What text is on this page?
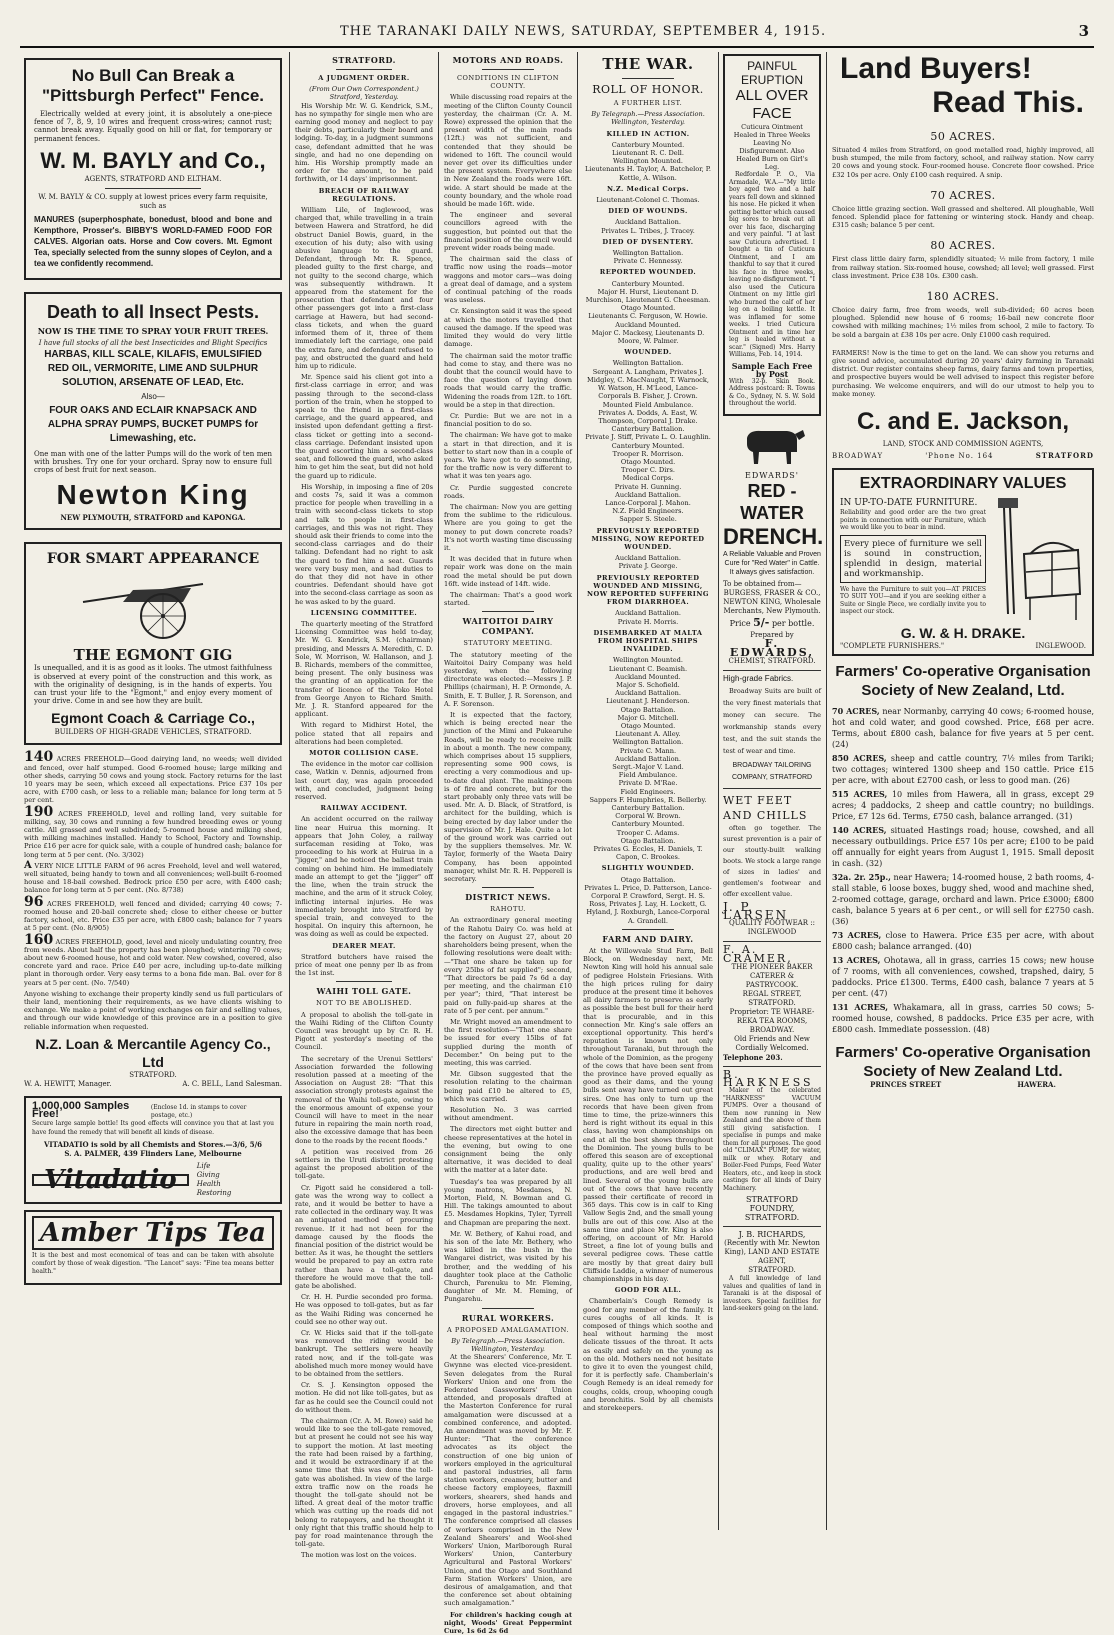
THE TARANAKI DAILY NEWS, SATURDAY, SEPTEMBER 4, 1915.	3
No Bull Can Break a
"Pittsburgh Perfect" Fence.

Electrically welded at every joint, it is absolutely a one-piece fence of 7, 8, 9, 10 wires and frequent cross-wires; cannot rust; cannot break away. Equally good on hill or flat, for temporary or permanent fences.

W. M. BAYLY and Co.,
AGENTS, STRATFORD AND ELTHAM.
W. M. BAYLY & CO. supply at lowest prices every farm requisite, such as

MANURES (superphosphate, bonedust, blood and bone and Kempthore, Prosser's. BIBBY'S WORLD-FAMED FOOD FOR CALVES. Algorian oats. Horse and Cow covers. Mt. Egmont Tea, specially selected from the sunny slopes of Ceylon, and a tea we confidently recommend.

Death to all Insect Pests.
NOW IS THE TIME TO SPRAY YOUR FRUIT TREES.
I have full stocks of all the best Insecticides and Blight Specifics
HARBAS, KILL SCALE, KILAFIS, EMULSIFIED
RED OIL, VERMORITE, LIME AND SULPHUR
SOLUTION, ARSENATE OF LEAD, Etc.
Also—
FOUR OAKS AND ECLAIR KNAPSACK AND
ALPHA SPRAY PUMPS, BUCKET PUMPS for
Limewashing, etc.

One man with one of the latter Pumps will do the work of ten men with brushes. Try one for your orchard. Spray now to ensure full crops of best fruit for next season.

Newton King
NEW PLYMOUTH, STRATFORD and KAPONGA.
FOR SMART APPEARANCE
THE EGMONT GIG

Is unequalled, and it is as good as it looks. The utmost faithfulness is observed at every point of the construction and this work, as with the originality of designing, is in the hands of experts. You can trust your life to the "Egmont," and enjoy every moment of your drive. Come in and see how they are built.

Egmont Coach & Carriage Co.,
BUILDERS OF HIGH-GRADE VEHICLES, STRATFORD.

140 ACRES FREEHOLD—Good dairying land, no weeds; well divided and fenced, over half stumped. Good 6-roomed house; large milking and other sheds, carrying 50 cows and young stock. Factory returns for the last 10 years may be seen, which exceed all expectations. Price £37 10s per acre, with £700 cash, or less to a reliable man; balance for long term at 5 per cent.

190 ACRES FREEHOLD, level and rolling land, very suitable for milking, say, 30 cows and running a few hundred breeding ewes or young cattle. All grassed and well subdivided; 5-roomed house and milking shed, with milking machines installed. Handy to School, Factory and Township. Price £16 per acre for quick sale, with a couple of hundred cash; balance for long term at 5 per cent. (No. 3/302)

A VERY NICE LITTLE FARM of 96 acres Freehold, level and well watered, well situated, being handy to town and all conveniences; well-built 6-roomed house and 18-bail cowshed. Bedrock price £50 per acre, with £400 cash; balance for long term at 5 per cent. (No. 8/738)

96 ACRES FREEHOLD, well fenced and divided; carrying 40 cows; 7-roomed house and 20-bail concrete shed; close to either cheese or butter factory, school, etc. Price £35 per acre, with £800 cash; balance for 7 years at 5 per cent. (No. 8/905)

160 ACRES FREEHOLD, good, level and nicely undulating country, free from weeds. About half the property has been ploughed; wintering 70 cows; about new 6-roomed house, hot and cold water. New cowshed, covered, also concrete yard and race. Price £40 per acre, including up-to-date milking plant in thorough order. Very easy terms to a bona fide man. Bal. over for 8 years at 5 per cent. (No. 7/540)

Anyone wishing to exchange their property kindly send us full particulars of their land, mentioning their requirements, as we have clients wishing to exchange. We make a point of working exchanges on fair and selling values, and through our wide knowledge of this province are in a position to give reliable information when requested.

N.Z. Loan & Mercantile Agency Co., Ltd
STRATFORD.
W. A. HEWITT, Manager.	A. C. BELL, Land Salesman.
1,000,000 Samples Free!
(Enclose 1d. in stamps to cover postage, etc.)

Secure large sample bottle! Its good effects will convince you that at last you have found the remedy that will benefit all kinds of disease.

VITADATIO is sold by all Chemists and Stores.—3/6, 5/6
S. A. PALMER, 439 Flinders Lane, Melbourne
Vitadatio	Life
Giving
Health
Restoring
Amber Tips Tea

It is the best and most economical of teas and can be taken with absolute comfort by those of weak digestion. "The Lancet" says: "Fine tea means better health."

STRATFORD.
A JUDGMENT ORDER.
(From Our Own Correspondent.) Stratford, Yesterday.

His Worship Mr. W. G. Kendrick, S.M., has no sympathy for single men who are earning good money and neglect to pay their debts, particularly their board and lodging. To-day, in a judgment summons case, defendant admitted that he was single, and had no one depending on him. His Worship promptly made an order for the amount, to be paid forthwith, or 14 days' imprisonment.

BREACH OF RAILWAY REGULATIONS.

William Lile, of Inglewood, was charged that, while travelling in a train between Hawera and Stratford, he did obstruct Daniel Bowis, guard, in the execution of his duty; also with using abusive language to the guard. Defendant, through Mr. R. Spence, pleaded guilty to the first charge, and not guilty to the second charge, which was subsequently withdrawn. It appeared from the statement for the prosecution that defendant and four other passengers got into a first-class carriage at Hawera, but had second-class tickets, and when the guard informed them of it, three of them immediately left the carriage, one paid the extra fare, and defendant refused to pay, and obstructed the guard and held him up to ridicule.

Mr. Spence said his client got into a first-class carriage in error, and was passing through to the second-class portion of the train, when he stopped to speak to the friend in a first-class carriage, and the guard appeared, and insisted upon defendant getting a first-class ticket or getting into a second-class carriage. Defendant insisted upon the guard escorting him a second-class seat, and followed the guard, who asked him to get him the seat, but did not hold the guard up to ridicule.

His Worship, in imposing a fine of 20s and costs 7s, said it was a common practice for people when travelling in a train with second-class tickets to stop and talk to people in first-class carriages, and this was not right. They should ask their friends to come into the second-class carriages and do their talking. Defendant had no right to ask the guard to find him a seat. Guards were very busy men, and had duties to do that they did not have in other countries. Defendant should have got into the second-class carriage as soon as he was asked to by the guard.

LICENSING COMMITTEE.

The quarterly meeting of the Stratford Licensing Committee was held to-day, Mr. W. G. Kendrick, S.M. (chairman) presiding, and Messrs A. Meredith, C. D. Sole, W. Morrison, W. Hallanson, and J. B. Richards, members of the committee, being present. The only business was the granting of an application for the transfer of licence of the Toko Hotel from George Anyon to Richard Smith. Mr. J. R. Stanford appeared for the applicant.

With regard to Midhirst Hotel, the police stated that all repairs and alterations had been completed.

MOTOR COLLISION CASE.

The evidence in the motor car collision case, Watkin v. Dennis, adjourned from last court day, was again proceeded with, and concluded, judgment being reserved.

RAILWAY ACCIDENT.

An accident occurred on the railway line near Huirua this morning. It appears that John Coley, a railway surfaceman residing at Toko, was proceeding to his work at Huirua in a "jigger," and he noticed the ballast train coming on behind him. He immediately made an attempt to get the "jigger" off the line, when the train struck the machine, and the arm of it struck Coley, inflicting internal injuries. He was immediately brought into Stratford by special train, and conveyed to the hospital. On inquiry this afternoon, he was doing as well as could be expected.

DEARER MEAT.

Stratford butchers have raised the price of meat one penny per lb as from the 1st inst.

WAIHI TOLL GATE.
NOT TO BE ABOLISHED.

A proposal to abolish the toll-gate in the Waihi Riding of the Clifton County Council was brought up by Cr. R. H. Pigott at yesterday's meeting of the Council.

The secretary of the Urenui Settlers' Association forwarded the following resolution passed at a meeting of the Association on August 28: "That this association strongly protests against the removal of the Waihi toll-gate, owing to the enormous amount of expense your Council will have to meet in the near future in repairing the main north road, also the excessive damage that has been done to the roads by the recent floods."

A petition was received from 26 settlers in the Uruti district protesting against the proposed abolition of the toll-gate.

Cr. Pigott said he considered a toll-gate was the wrong way to collect a rate, and it would be better to have a rate collected in the ordinary way. It was an antiquated method of procuring revenue. If it had not been for the damage caused by the floods the financial position of the district would be better. As it was, he thought the settlers would be prepared to pay an extra rate rather than have a toll-gate, and therefore he would move that the toll-gate be abolished.

Cr. H. H. Purdie seconded pro forma. He was opposed to toll-gates, but as far as the Waihi Riding was concerned he could see no other way out.

Cr. W. Hicks said that if the toll-gate was removed the riding would be bankrupt. The settlers were heavily rated now, and if the toll-gate was abolished much more money would have to be obtained from the settlers.

Cr. S. J. Kensington opposed the motion. He did not like toll-gates, but as far as he could see the Council could not do without them.

The chairman (Cr. A. M. Rowe) said he would like to see the toll-gate removed, but at present he could not see his way to support the motion. At last meeting the rate had been raised by a farthing, and it would be extraordinary if at the same time that this was done the toll-gate was abolished. In view of the large extra traffic now on the roads he thought the toll-gate should not be lifted. A great deal of the motor traffic which was cutting up the roads did not belong to ratepayers, and he thought it only right that this traffic should help to pay for road maintenance through the toll-gate.

The motion was lost on the voices.

MOTORS AND ROADS.
CONDITIONS IN CLIFTON COUNTY.

While discussing road repairs at the meeting of the Clifton County Council yesterday, the chairman (Cr. A. M. Rowe) expressed the opinion that the present width of the main roads (12ft.) was not sufficient, and contended that they should be widened to 16ft. The council would never get over its difficulties under the present system. Everywhere else in New Zealand the roads were 16ft. wide. A start should be made at the county boundary, and the whole road should be made 16ft. wide.

The engineer and several councillors agreed with the suggestion, but pointed out that the financial position of the council would prevent wider roads being made.

The chairman said the class of traffic now using the roads—motor waggons and motor cars—was doing a great deal of damage, and a system of continual patching of the roads was useless.

Cr. Kensington said it was the speed at which the motors travelled that caused the damage. If the speed was limited they would do very little damage.

The chairman said the motor traffic had come to stay, and there was no doubt that the council would have to face the question of laying down roads that would carry the traffic. Widening the roads from 12ft. to 16ft. would be a step in that direction.

Cr. Purdie: But we are not in a financial position to do so.

The chairman: We have got to make a start in that direction, and it is better to start now than in a couple of years. We have got to do something, for the traffic now is very different to what it was ten years ago.

Cr. Purdie suggested concrete roads.

The chairman: Now you are getting from the sublime to the ridiculous. Where are you going to get the money to put down concrete roads? It's not worth wasting time discussing it.

It was decided that in future when repair work was done on the main road the metal should be put down 16ft. wide instead of 14ft. wide.

The chairman: That's a good work started.

WAITOITOI DAIRY COMPANY.
STATUTORY MEETING.

The statutory meeting of the Waitoitoi Dairy Company was held yesterday, when the following directorate was elected:—Messrs J. P. Phillips (chairman), H. P. Ormonde, A. Smith, E. T. Buller, J. R. Sorenson, and A. F. Sorenson.

It is expected that the factory, which is being erected near the junction of the Mimi and Pukearuhe Roads, will be ready to receive milk in about a month. The new company, which comprises about 15 suppliers, representing some 900 cows, is erecting a very commodious and up-to-date dual plant. The making-room is of fire and concrete, but for the start probably only three vats will be used. Mr. A. D. Black, of Stratford, is architect for the building, which is being erected by day labor under the supervision of Mr. J. Hale. Quite a lot of the ground work was carried out by the suppliers themselves. Mr. W. Taylor, formerly of the Waeta Dairy Company, has been appointed manager, whilst Mr. R. H. Pepperell is secretary.

DISTRICT NEWS.
RAHOTU.

An extraordinary general meeting of the Rahotu Dairy Co. was held at the factory on August 27, about 20 shareholders being present, when the following resolutions were dealt with:—"That one share be taken up for every 25lbs of fat supplied"; second, "That directors be paid 7s 6d a day per meeting, and the chairman £10 per year"; third, "That interest be paid on fully-paid-up shares at the rate of 5 per cent. per annum."

Mr. Wright moved an amendment to the first resolution—"That one share be issued for every 15lbs of fat supplied during the month of December." On being put to the meeting, this was carried.

Mr. Gibson suggested that the resolution relating to the chairman being paid £10 be altered to £5, which was carried.

Resolution No. 3 was carried without amendment.

The directors met eight butter and cheese representatives at the hotel in the evening, but owing to one consignment being the only alternative, it was decided to deal with the matter at a later date.

Tuesday's tea was prepared by all young matrons, Mesdames, N. Morton, Field, N. Bowman and G. Hill. The takings amounted to about £5. Mesdames Hopkins, Tyler, Tyrrell and Chapman are preparing the next.

Mr. W. Bethery, of Kahui road, and his son of the late Mr. Bethery, who was killed in the bush in the Wangarei district, was visited by his brother, and the wedding of his daughter took place at the Catholic Church, Parenuku to Mr. Fleming, daughter of Mr. M. Fleming, of Pungarehu.

RURAL WORKERS.
A PROPOSED AMALGAMATION.
By Telegraph.—Press Association. Wellington, Yesterday.

At the Shearers' Conference, Mr. T. Gwynne was elected vice-president. Seven delegates from the Rural Workers' Union and one from the Federated Gassworkers' Union attended, and proposals drafted at the Masterton Conference for rural amalgamation were discussed at a combined conference, and adopted. An amendment was moved by Mr. F. Hunter: "That the conference advocates as its object the construction of one big union of workers employed in the agricultural and pastoral industries, all farm station workers, creamery, butter and cheese factory employees, flaxmill workers, shearers, shed hands and drovers, horse employees, and all engaged in the pastoral industries." The conference comprised all classes of workers comprised in the New Zealand Shearers' and Wool-shed Workers' Union, Marlborough Rural Workers' Union, Canterbury Agricultural and Pastoral Workers' Union, and the Otago and Southland Farm Station Workers' Union, are desirous of amalgamation, and that the conference set about obtaining such amalgamation."

For children's hacking cough at night, Woods' Great Peppermint Cure, 1s 6d 2s 6d

THE WAR.
ROLL OF HONOR.
A FURTHER LIST.
By Telegraph.—Press Association. Wellington, Yesterday.
KILLED IN ACTION.
Canterbury Mounted.
Lieutenant R. C. Dell.
Wellington Mounted.
Lieutenants H. Taylor, A. Batchelor, P. Kettle, A. Wilson.
N.Z. Medical Corps.
Lieutenant-Colonel C. Thomas.
DIED OF WOUNDS.
Auckland Battalion.
Privates L. Tribes, J. Tracey.
DIED OF DYSENTERY.
Wellington Battalion.
Private C. Hennessy.
REPORTED WOUNDED.
Canterbury Mounted.
Major H. Hurst, Lieutenant D. Murchison, Lieutenant G. Cheesman.
Otago Mounted.
Lieutenants C. Ferguson, W. Howie.
Auckland Mounted.
Major C. Mackesy, Lieutenants D. Moore, W. Palmer.
WOUNDED.
Wellington Battalion.
Sergeant A. Langham, Privates J. Midgley, C. MacNaught, T. Warnock, W. Watson, H. M'Leod, Lance-Corporals B. Fisher, J. Crown.
Mounted Field Ambulance.
Privates A. Dodds, A. East, W. Thompson, Corporal J. Drake.
Canterbury Battalion.
Private J. Stiff, Private L. O. Laughlin.
Canterbury Mounted.
Trooper R. Morrison.
Otago Mounted.
Trooper C. Dirs.
Medical Corps.
Private H. Gunning.
Auckland Battalion.
Lance-Corporal J. Mahon.
N.Z. Field Engineers.
Sapper S. Steele.
PREVIOUSLY REPORTED MISSING, NOW REPORTED WOUNDED.
Auckland Battalion.
Private J. George.
PREVIOUSLY REPORTED WOUNDED AND MISSING, NOW REPORTED SUFFERING FROM DIARRHOEA.
Auckland Battalion.
Private H. Morris.
DISEMBARKED AT MALTA FROM HOSPITAL SHIPS INVALIDED.
Wellington Mounted.
Lieutenant C. Beamish.
Auckland Mounted.
Major S. Schofield.
Auckland Battalion.
Lieutenant J. Henderson.
Otago Battalion.
Major G. Mitchell.
Otago Mounted.
Lieutenant A. Alley.
Wellington Battalion.
Private C. Mann.
Auckland Battalion.
Sergt.-Major V. Land.
Field Ambulance.
Private D. M'Rae.
Field Engineers.
Sappers F. Humphries, R. Bellerby.
Canterbury Battalion.
Corporal W. Brown.
Canterbury Mounted.
Trooper C. Adams.
Otago Battalion.
Privates G. Eccles, H. Daniels, T. Capon, C. Brookes.
SLIGHTLY WOUNDED.
Otago Battalion.
Privates L. Price, D. Patterson, Lance-Corporal P. Crawford, Sergt. H. S. Ross, Privates J. Lay, H. Lockett, G. Hyland, J. Roxburgh, Lance-Corporal A. Grandell.
FARM AND DAIRY.

At the Willowvale Stud Farm, Bell Block, on Wednesday next, Mr. Newton King will hold his annual sale of pedigree Holstein Friesians. With the high prices ruling for dairy produce at the present time it behoves all dairy farmers to preserve as early as possible the best bull for their herd that is procurable, and in this connection Mr. King's sale offers an exceptional opportunity. This herd's reputation is known not only throughout Taranaki, but through the whole of the Dominion, as the progeny of the cows that have been sent from the province have proved equally as good as their dams, and the young bulls sent away have turned out great sires. One has only to turn up the records that have been given from time to time, the prize-winners this herd is right without its equal in this class, having won championships on end at all the best shows throughout the Dominion. The young bulls to be offered this season are of exceptional quality, quite up to the other years' productions, and are well bred and lined. Several of the young bulls are out of the cows that have recently passed their certificate of record in 365 days. This cow is in calf to King Vallow Segis 2nd, and the small young bulls are out of this cow. Also at the same time and place Mr. King is also offering, on account of Mr. Harold Street, a fine lot of young bulls and several pedigree cows. These cattle are mostly by that great dairy bull Cliffside Laddie, a winner of numerous championships in his day.

GOOD FOR ALL.

Chamberlain's Cough Remedy is good for any member of the family. It cures coughs of all kinds. It is composed of things which soothe and heal without harming the most delicate tissues of the throat. It acts as easily and safely on the young as on the old. Mothers need not hesitate to give it to even the youngest child, for it is perfectly safe. Chamberlain's Cough Remedy is an ideal remedy for coughs, colds, croup, whooping cough and bronchitis. Sold by all chemists and storekeepers.

PAINFUL ERUPTION
ALL OVER FACE
Cuticura Ointment Healed in Three Weeks Leaving No Disfigurement. Also Healed Burn on Girl's Leg.

Redfordale P. O., Via Armadale, W.A.—"My little boy aged two and a half years fell down and skinned his nose. He picked it when getting better which caused big sores to break out all over his face, discharging and very painful. "I at last saw Cuticura advertised. I bought a tin of Cuticura Ointment, and I am thankful to say that it cured his face in three weeks, leaving no disfigurement. "I also used the Cuticura Ointment on my little girl who burned the calf of her leg on a boiling kettle. It was inflamed for some weeks. I tried Cuticura Ointment and in time her leg is healed without a scar." (Signed) Mrs. Harry Williams, Feb. 14, 1914.

Sample Each Free by Post

With 32-p. Skin Book. Address postcard: R. Towns & Co., Sydney, N. S. W. Sold throughout the world.

EDWARDS'
RED - WATER
DRENCH.
A Reliable Valuable and Proven Cure for "Red Water" in Cattle. It always gives satisfaction.
To be obtained from—
BURGESS, FRASER & CO., NEWTON KING, Wholesale Merchants, New Plymouth.
Price 5/- per bottle.
Prepared by
F. EDWARDS,
CHEMIST, STRATFORD.
High-grade Fabrics.

Broadway Suits are built of the very finest materials that money can secure. The workmanship stands every test, and the suit stands the test of wear and time.

BROADWAY TAILORING COMPANY, STRATFORD
WET FEET
AND CHILLS

often go together. The surest prevention is a pair of our stoutly-built walking boots. We stock a large range of sizes in ladies' and gentlemen's footwear and offer excellent value.

J. P. LARSEN
QUALITY FOOTWEAR :: INGLEWOOD
F. A. CRAMER,
THE PIONEER BAKER CATERER & PASTRYCOOK.
REGAL STREET, STRATFORD.
Proprietor: TE WHARE-REKA TEA ROOMS, BROADWAY.
Old Friends and New Cordially Welcomed.
Telephone 203.
B. HARKNESS

Maker of the celebrated "HARKNESS" VACUUM PUMPS. Over a thousand of them now running in New Zealand and the above of them still giving satisfaction. I specialise in pumps and make them for all purposes. The good old "CLIMAX" PUMP, for water, milk or whey. Rotary and Boiler-Feed Pumps, Feed Water Heaters, etc., and keep in stock castings for all kinds of Dairy Machinery.

STRATFORD FOUNDRY, STRATFORD.
J. B. RICHARDS,
(Recently with Mr. Newton King), LAND AND ESTATE AGENT,
STRATFORD.

A full knowledge of land values and qualities of land in Taranaki is at the disposal of investors. Special facilities for land-seekers going on the land.

Land Buyers!
Read This.
50 ACRES.

Situated 4 miles from Stratford, on good metalled road, highly improved, all bush stumped, the mile from factory, school, and railway station. Now carry 20 cows and young stock. Four-roomed house. Concrete floor cowshed. Price £32 10s per acre. Only £100 cash required. A snip.

70 ACRES.

Choice little grazing section. Well grassed and sheltered. All ploughable, Well fenced. Splendid place for fattening or wintering stock. Handy and cheap. £315 cash; balance 5 per cent.

80 ACRES.

First class little dairy farm, splendidly situated; ½ mile from factory, 1 mile from railway station. Six-roomed house, cowshed; all level; well grassed. First class investment. Price £38 10s. £300 cash.

180 ACRES.

Choice dairy farm, free from weeds, well sub-divided; 60 acres been ploughed. Splendid new house of 6 rooms; 16-bail new concrete floor cowshed with milking machines; 1½ miles from school, 2 mile to factory. To be sold a bargain at £38 10s per acre. Only £1000 cash required.

FARMERS! Now is the time to get on the land. We can show you returns and give sound advice, accumulated during 20 years' dairy farming in Taranaki district. Our register contains sheep farms, dairy farms and town properties, and prospective buyers would be well advised to inspect this register before purchasing. We welcome enquirers, and will do our utmost to help you to make money.

C. and E. Jackson,
LAND, STOCK AND COMMISSION AGENTS,
BROADWAY	'Phone No. 164	STRATFORD
EXTRAORDINARY VALUES
IN UP-TO-DATE FURNITURE.

Reliability and good order are the two great points in connection with our Furniture, which we would like you to bear in mind.

Every piece of furniture we sell is sound in construction, splendid in design, material and workmanship.

We have the Furniture to suit you—AT PRICES TO SUIT YOU—and if you are seeking either a Suite or Single Piece, we cordially invite you to inspect our stock.

G. W. & H. DRAKE.
"COMPLETE FURNISHERS."	INGLEWOOD.
Farmers' Co-operative Organisation
Society of New Zealand, Ltd.

70 ACRES, near Normanby, carrying 40 cows; 6-roomed house, hot and cold water, and good cowshed. Price, £68 per acre. Terms, about £800 cash, balance for five years at 5 per cent. (24)

850 ACRES, sheep and cattle country, 7½ miles from Tariki; two cottages; wintered 1300 sheep and 150 cattle. Price £15 per acre, with about £2700 cash, or less to good man. (26)

515 ACRES, 10 miles from Hawera, all in grass, except 29 acres; 4 paddocks, 2 sheep and cattle country; no buildings. Price, £7 12s 6d. Terms, £750 cash, balance arranged. (31)

140 ACRES, situated Hastings road; house, cowshed, and all necessary outbuildings. Price £57 10s per acre; £100 to be paid off annually for eight years from August 1, 1915. Small deposit in cash. (32)

32a. 2r. 25p., near Hawera; 14-roomed house, 2 bath rooms, 4-stall stable, 6 loose boxes, buggy shed, wood and machine shed, 2-roomed cottage, garage, orchard and lawn. Price £3000; £800 cash, balance 5 years at 6 per cent., or will sell for £2750 cash. (36)

73 ACRES, close to Hawera. Price £35 per acre, with about £800 cash; balance arranged. (40)

13 ACRES, Ohotawa, all in grass, carries 15 cows; new house of 7 rooms, with all conveniences, cowshed, trapshed, dairy, 5 paddocks. Price £1300. Terms, £400 cash, balance 7 years at 5 per cent. (47)

131 ACRES, Whakamara, all in grass, carries 50 cows; 5-roomed house, cowshed, 8 paddocks. Price £35 per acre, with £800 cash. Immediate possession. (48)

Farmers' Co-operative Organisation
Society of New Zealand Ltd.
PRINCES STREET	HAWERA.
